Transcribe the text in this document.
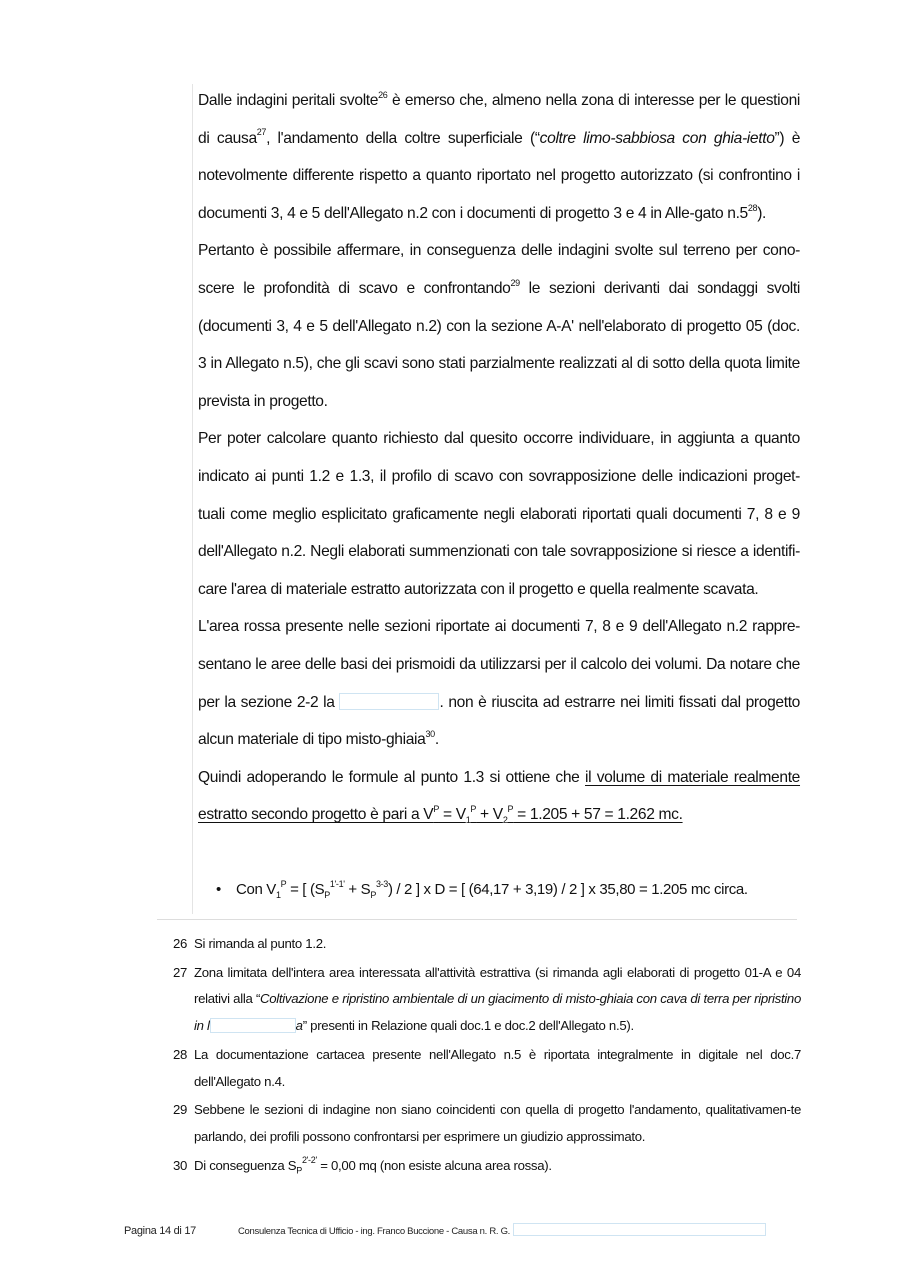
Dalle indagini peritali svolte$^{26}$ è emerso che, almeno nella zona di interesse per le questioni di causa$^{27}$, l'andamento della coltre superficiale (“coltre limo-sabbiosa con ghia-ietto”) è notevolmente differente rispetto a quanto riportato nel progetto autorizzato (si confrontino i documenti 3, 4 e 5 dell'Allegato n.2 con i documenti di progetto 3 e 4 in Alle-gato $n.5^{28}$).

Pertanto è possibile affermare, in conseguenza delle indagini svolte sul terreno per cono-scere le profondità di scavo e confrontando$^{29}$ le sezioni derivanti dai sondaggi svolti (documenti 3, 4 e 5 dell'Allegato n.2) con la sezione A-A' nell'elaborato di progetto 05 (doc. 3 in Allegato n.5), che gli scavi sono stati parzialmente realizzati al di sotto della quota limite prevista in progetto.

Per poter calcolare quanto richiesto dal quesito occorre individuare, in aggiunta a quanto indicato ai punti 1.2 e 1.3, il profilo di scavo con sovrapposizione delle indicazioni proget-tuali come meglio esplicitato graficamente negli elaborati riportati quali documenti 7, 8 e 9 dell'Allegato n.2. Negli elaborati summenzionati con tale sovrapposizione si riesce a identifi-care l'area di materiale estratto autorizzata con il progetto e quella realmente scavata.

L'area rossa presente nelle sezioni riportate ai documenti 7, 8 e 9 dell'Allegato n.2 rappre-sentano le aree delle basi dei prismoidi da utilizzarsi per il calcolo dei volumi. Da notare che per la sezione 2-2 la	. non è riuscita ad estrarre nei limiti fissati dal progetto alcun materiale di tipo misto-ghiaia$^{30}$.

Quindi adoperando le formule al punto 1.3 si ottiene che il volume di materiale realmente estratto secondo progetto è pari a $V^P = V_1^P + V_2^P = 1.205 + 57 = 1.262$ mc.

• Con $V_1^P$ = [ $(S_P^{1'-1'} + S_P^{3-3}) / 2$ ] x D = [ (64,17 + 3,19) / 2 ] x 35,80 = 1.205 mc circa.
26 Si rimanda al punto 1.2.
27 Zona limitata dell'intera area interessata all'attività estrattiva (si rimanda agli elaborati di progetto 01-A e 04 relativi alla “Coltivazione e ripristino ambientale di un giacimento di misto-ghiaia con cava di terra per ripristino in l	a” presenti in Relazione quali doc.1 e doc.2 dell'Allegato n.5).
28 La documentazione cartacea presente nell'Allegato n.5 è riportata integralmente in digitale nel doc.7 dell'Allegato n.4.
29 Sebbene le sezioni di indagine non siano coincidenti con quella di progetto l'andamento, qualitativamen-te parlando, dei profili possono confrontarsi per esprimere un giudizio approssimato.
30 Di conseguenza $S_P^{2'-2'} = 0,00$ mq (non esiste alcuna area rossa).
Pagina 14 di 17	Consulenza Tecnica di Ufficio - ing. Franco Buccione - Causa n. R. G.
